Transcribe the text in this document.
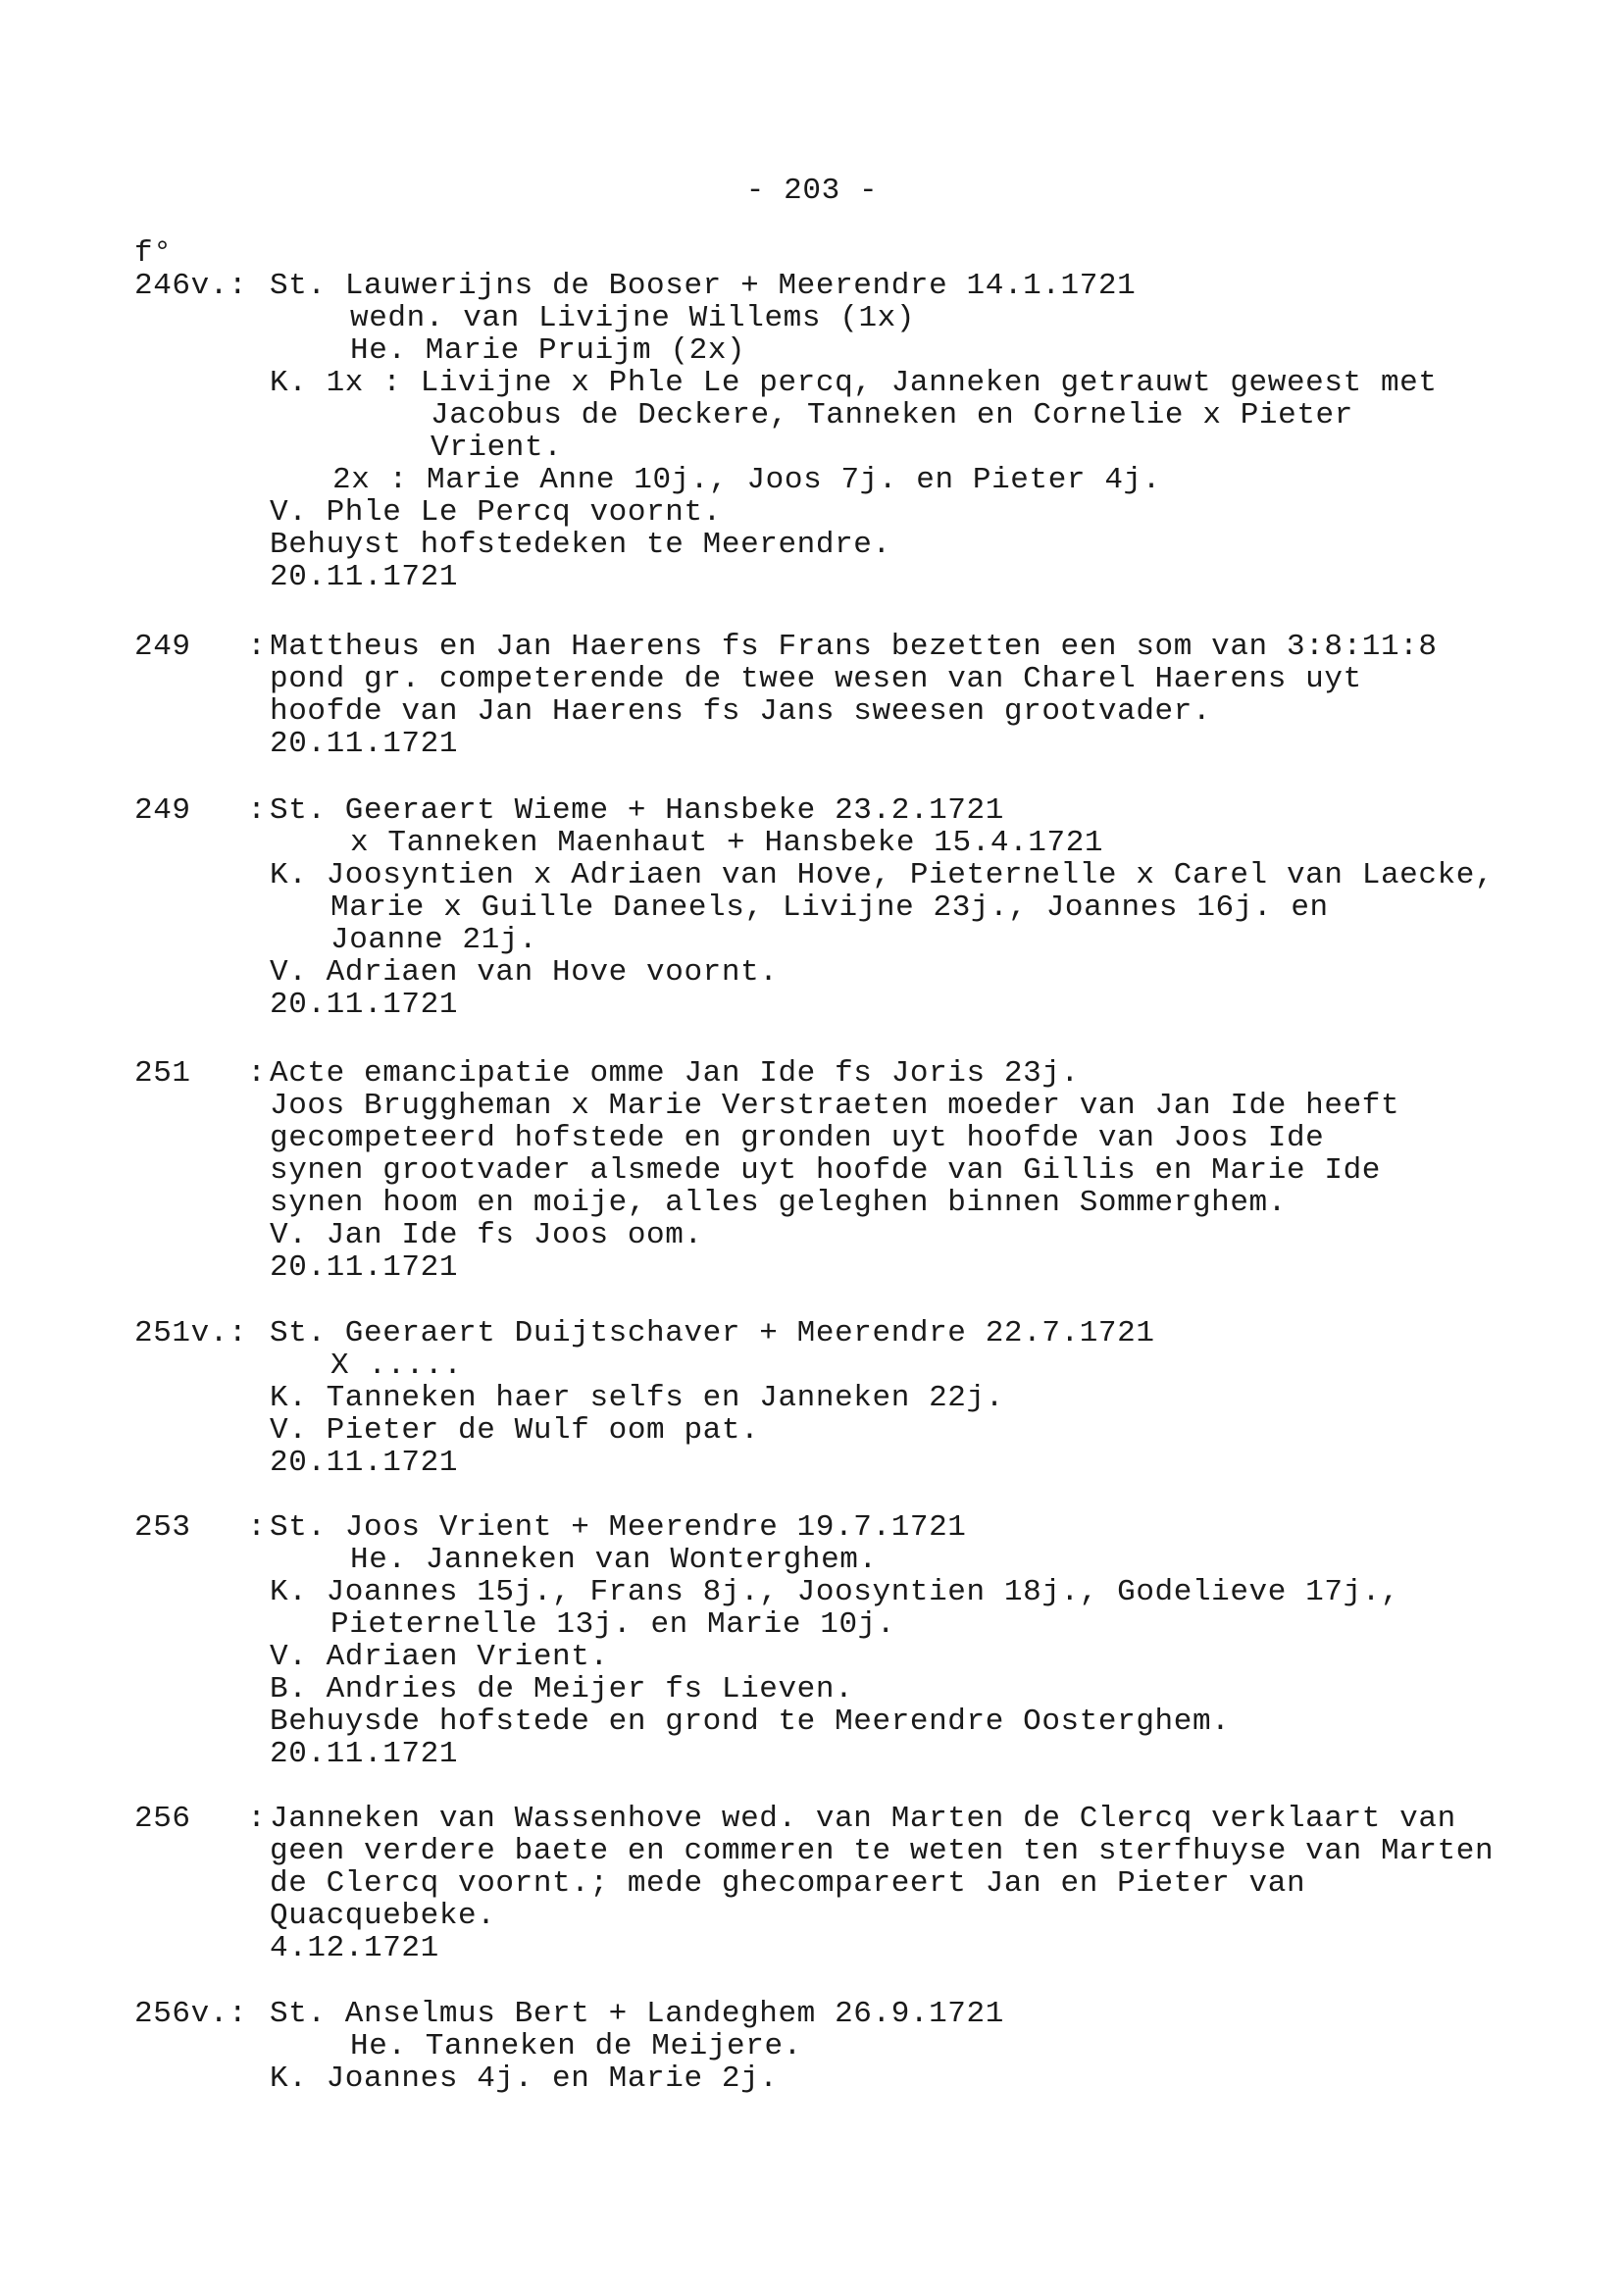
- 203 -
f°
246v.: St. Lauwerijns de Booser + Meerendre 14.1.1721
wedn. van Livijne Willems (1x)
He. Marie Pruijm (2x)
K. 1x : Livijne x Phle Le percq, Janneken getrauwt geweest met
Jacobus de Deckere, Tanneken en Cornelie x Pieter
Vrient.
2x : Marie Anne 10j., Joos 7j. en Pieter 4j.
V. Phle Le Percq voornt.
Behuyst hofstedeken te Meerendre.
20.11.1721
249   : Mattheus en Jan Haerens fs Frans bezetten een som van 3:8:11:8
pond gr. competerende de twee wesen van Charel Haerens uyt
hoofde van Jan Haerens fs Jans sweesen grootvader.
20.11.1721
249   : St. Geeraert Wieme + Hansbeke 23.2.1721
x Tanneken Maenhaut + Hansbeke 15.4.1721
K. Joosyntien x Adriaen van Hove, Pieternelle x Carel van Laecke,
Marie x Guille Daneels, Livijne 23j., Joannes 16j. en
Joanne 21j.
V. Adriaen van Hove voornt.
20.11.1721
251   : Acte emancipatie omme Jan Ide fs Joris 23j.
Joos Bruggheman x Marie Verstraeten moeder van Jan Ide heeft
gecompeteerd hofstede en gronden uyt hoofde van Joos Ide
synen grootvader alsmede uyt hoofde van Gillis en Marie Ide
synen hoom en moije, alles geleghen binnen Sommerghem.
V. Jan Ide fs Joos oom.
20.11.1721
251v.: St. Geeraert Duijtschaver + Meerendre 22.7.1721
X .....
K. Tanneken haer selfs en Janneken 22j.
V. Pieter de Wulf oom pat.
20.11.1721
253   : St. Joos Vrient + Meerendre 19.7.1721
He. Janneken van Wonterghem.
K. Joannes 15j., Frans 8j., Joosyntien 18j., Godelieve 17j.,
Pieternelle 13j. en Marie 10j.
V. Adriaen Vrient.
B. Andries de Meijer fs Lieven.
Behuysde hofstede en grond te Meerendre Oosterghem.
20.11.1721
256   : Janneken van Wassenhove wed. van Marten de Clercq verklaart van
geen verdere baete en commeren te weten ten sterfhuyse van Marten
de Clercq voornt.; mede ghecompareert Jan en Pieter van
Quacquebeke.
4.12.1721
256v.: St. Anselmus Bert + Landeghem 26.9.1721
He. Tanneken de Meijere.
K. Joannes 4j. en Marie 2j.
